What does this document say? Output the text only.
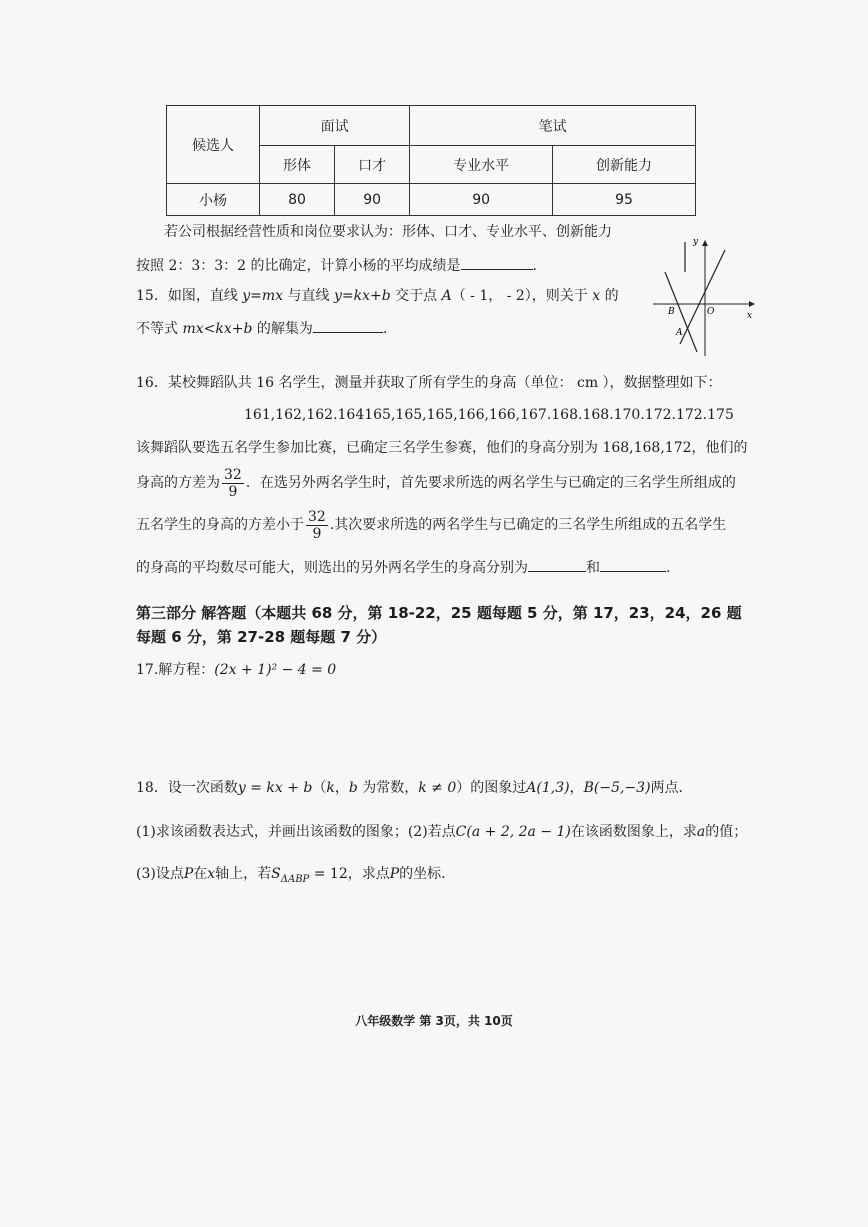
候选人	面试		笔试	
	形体	口才	专业水平	创新能力
小杨	80	90	90	95
若公司根据经营性质和岗位要求认为：形体、口才、专业水平、创新能力
按照 2：3：3：2 的比确定，计算小杨的平均成绩是	.
15．如图，直线 y=mx 与直线 y=kx+b 交于点 A（ - 1， - 2），则关于 x 的
不等式 mx<kx+b 的解集为	.
y
x
O
B
A
16．某校舞蹈队共 16 名学生，测量并获取了所有学生的身高（单位： cm ），数据整理如下：
161,162,162.164165,165,165,166,166,167.168.168.170.172.172.175
该舞蹈队要选五名学生参加比赛，已确定三名学生参赛，他们的身高分别为 168,168,172，他们的
身高的方差为 $\frac{32}{9}$ ．在选另外两名学生时，首先要求所选的两名学生与已确定的三名学生所组成的
五名学生的身高的方差小于 $\frac{32}{9}$ .其次要求所选的两名学生与已确定的三名学生所组成的五名学生
的身高的平均数尽可能大，则选出的另外两名学生的身高分别为	和	.
第三部分 解答题（本题共 68 分，第 18-22，25 题每题 5 分，第 17，23，24，26 题
每题 6 分，第 27-28 题每题 7 分）
17.解方程：(2x + 1)² − 4 = 0
18．设一次函数y = kx + b（k，b 为常数，k ≠ 0）的图象过A(1,3)，B(−5,−3)两点.
(1)求该函数表达式，并画出该函数的图象；(2)若点C(a + 2, 2a − 1)在该函数图象上，求a的值；
(3)设点P在x轴上，若$S_{\Delta ABP} = 12$，求点P的坐标.
八年级数学 第 3页，共 10页
